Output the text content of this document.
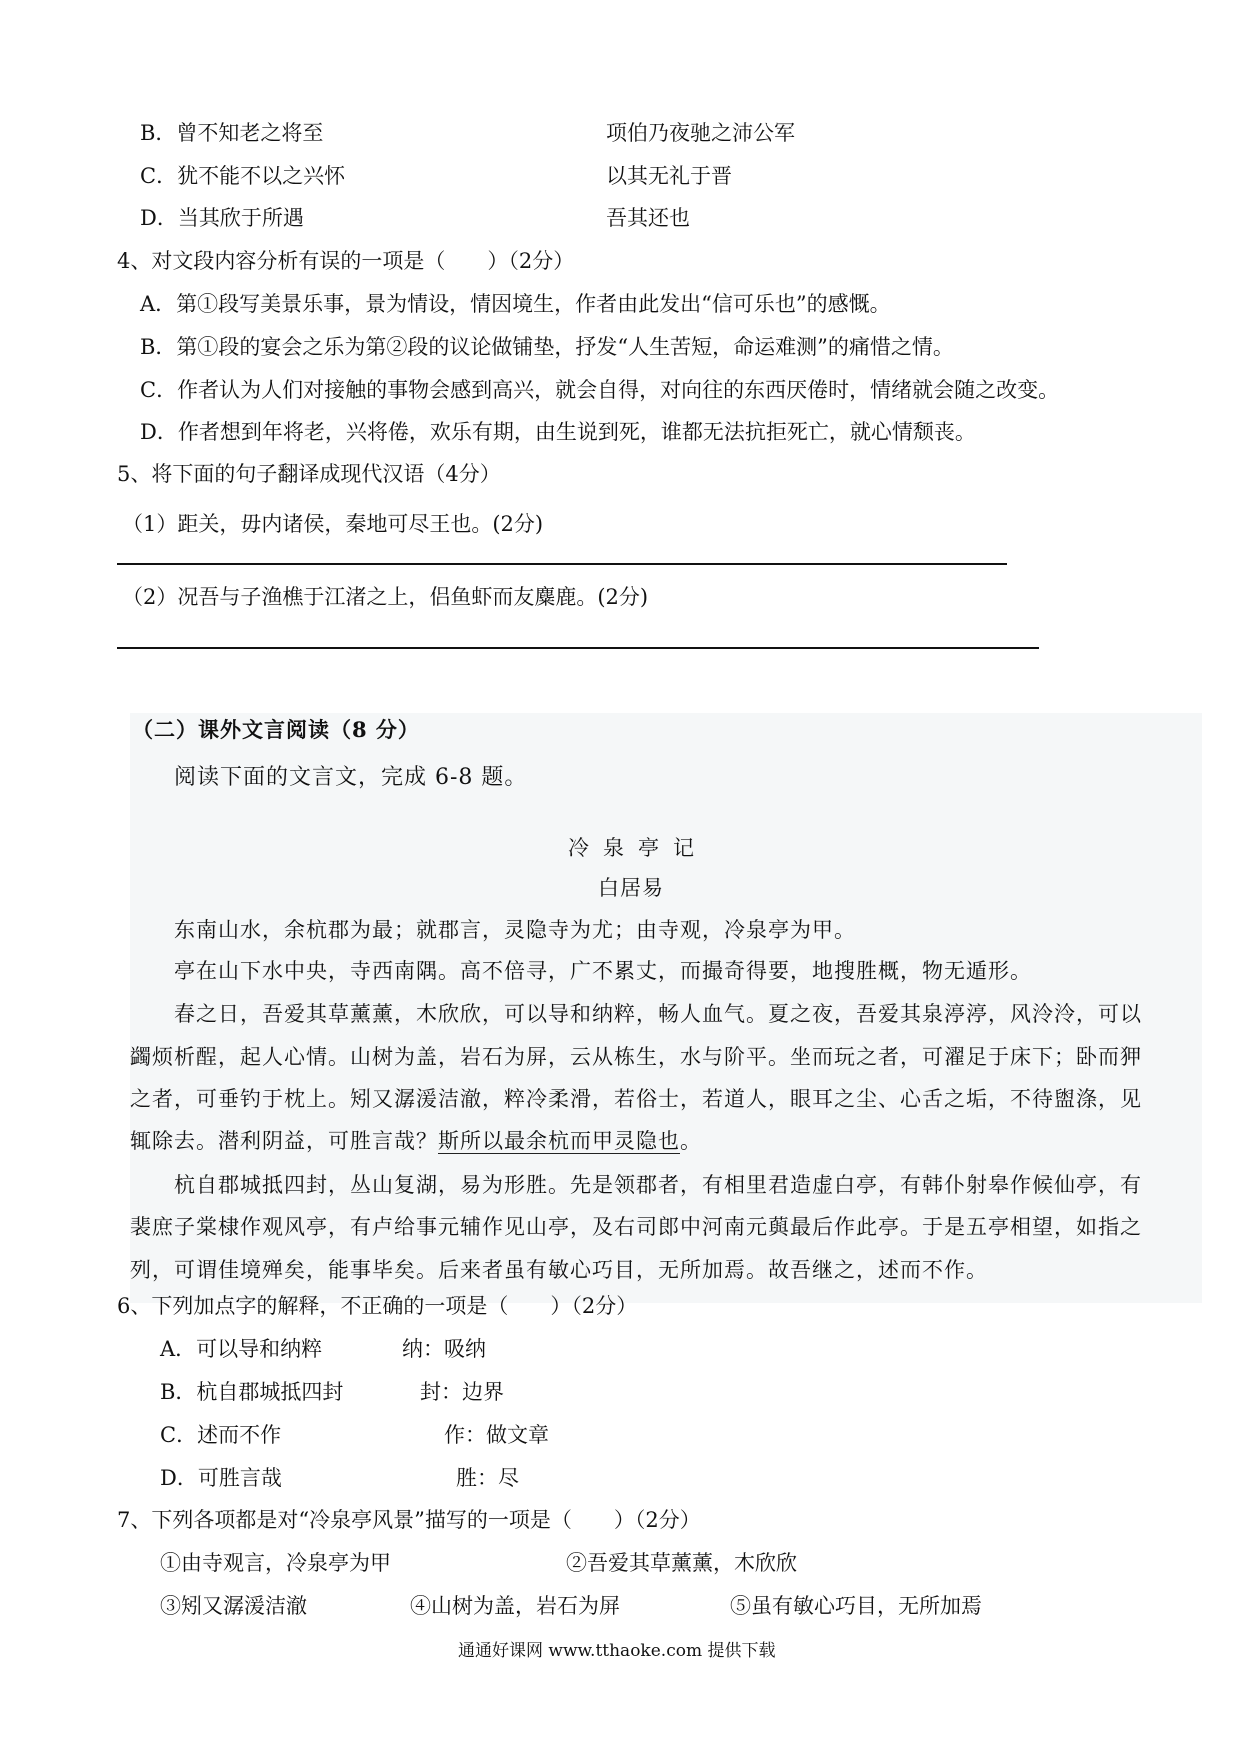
B．曾不知老之将至	项伯乃夜驰之沛公军
C．犹不能不以之兴怀	以其无礼于晋
D．当其欣于所遇	吾其还也
4、对文段内容分析有误的一项是（　　）（2分）
A．第①段写美景乐事，景为情设，情因境生，作者由此发出“信可乐也”的感慨。
B．第①段的宴会之乐为第②段的议论做铺垫，抒发“人生苦短，命运难测”的痛惜之情。
C．作者认为人们对接触的事物会感到高兴，就会自得，对向往的东西厌倦时，情绪就会随之改变。
D．作者想到年将老，兴将倦，欢乐有期，由生说到死，谁都无法抗拒死亡，就心情颓丧。
5、将下面的句子翻译成现代汉语（4分）
（1）距关，毋内诸侯，秦地可尽王也。(2分)
（2）况吾与子渔樵于江渚之上，侣鱼虾而友麋鹿。(2分)
（二）课外文言阅读（8 分）
阅读下面的文言文，完成 6-8 题。
冷泉亭记
白居易
东南山水，余杭郡为最；就郡言，灵隐寺为尤；由寺观，冷泉亭为甲。
亭在山下水中央，寺西南隅。高不倍寻，广不累丈，而撮奇得要，地搜胜概，物无遁形。
春之日，吾爱其草薰薰，木欣欣，可以导和纳粹，畅人血气。夏之夜，吾爱其泉渟渟，风泠泠，可以
蠲烦析酲，起人心情。山树为盖，岩石为屏，云从栋生，水与阶平。坐而玩之者，可濯足于床下；卧而狎
之者，可垂钓于枕上。矧又潺湲洁澈，粹冷柔滑，若俗士，若道人，眼耳之尘、心舌之垢，不待盥涤，见
辄除去。潜利阴益，可胜言哉？斯所以最余杭而甲灵隐也。
杭自郡城抵四封，丛山复湖，易为形胜。先是领郡者，有相里君造虚白亭，有韩仆射皋作候仙亭，有
裴庶子棠棣作观风亭，有卢给事元辅作见山亭，及右司郎中河南元藇最后作此亭。于是五亭相望，如指之
列，可谓佳境殚矣，能事毕矣。后来者虽有敏心巧目，无所加焉。故吾继之，述而不作。
6、下列加点字的解释，不正确的一项是（　　）（2分）
A．可以导和纳粹	纳：吸纳
B．杭自郡城抵四封	封：边界
C．述而不作	作：做文章
D．可胜言哉	胜：尽
7、下列各项都是对“冷泉亭风景”描写的一项是（　　）（2分）
①由寺观言，冷泉亭为甲	②吾爱其草薰薰，木欣欣
③矧又潺湲洁澈	④山树为盖，岩石为屏	⑤虽有敏心巧目，无所加焉
通通好课网 www.tthaoke.com 提供下载
